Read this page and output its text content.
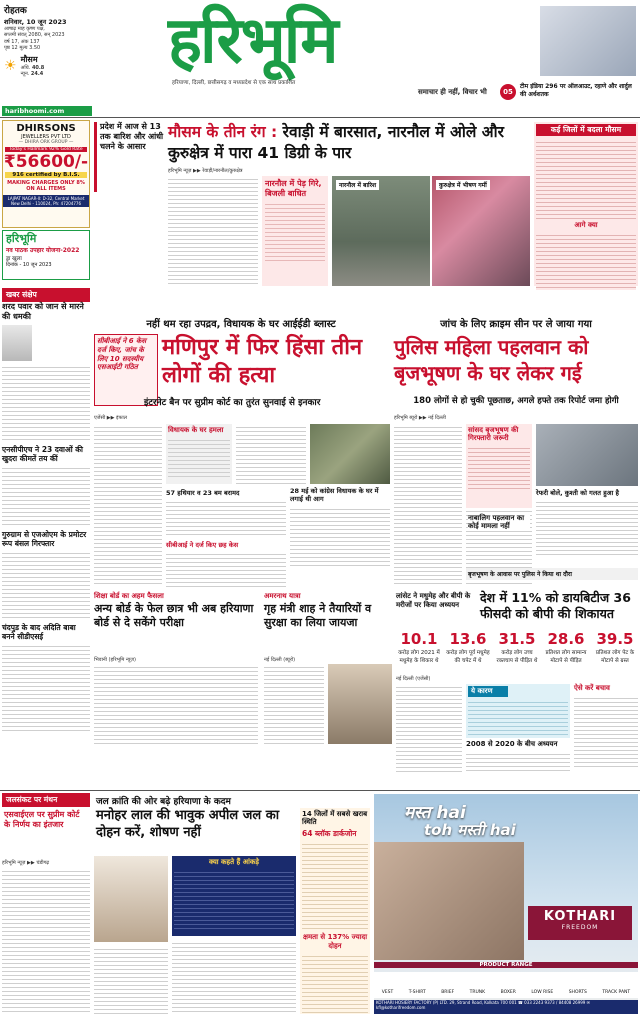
रोहतक
शनिवार, 10 जून 2023
आषाढ़ माह कृष्ण पक्ष,
सप्तमी संवत् 2080, सन् 2023
वर्ष 17, अंक 137
पृष्ठ 12 मूल्य 3.50
☀ मौसम
अधि. 40.8
न्यून. 24.4
haribhoomi.com
हरिभूमि
हरियाणा, दिल्ली, छत्तीसगढ़ व मध्यप्रदेश से एक साथ प्रकाशित
समाचार ही नहीं, विचार भी	05
टीम इंडिया 296 पर ऑलआउट, रहाणे और शार्दुल की अर्धशतक
DHIRSONS
JEWELLERS PVT LTD
— DHIRA ORK GROUP —
Today's Hallmark 92% Gold Rate
₹56600/-
916 certified by B.I.S.
MAKING CHARGES ONLY 8% ON ALL ITEMS
LAJPAT NAGAR-II: D-32, Central Market New Delhi - 110024, Ph: 47204776
हरिभूमि
नव पाठक उपहार योजना-2022
ड्रा खुला
दिनांक - 10 जून 2023
प्रदेश में आज से 13 तक बारिश और आंधी चलने के आसार
मौसम के तीन रंग : रेवाड़ी में बारसात, नारनौल में ओले और कुरुक्षेत्र में पारा 41 डिग्री के पार
हरिभूमि न्यूज़ ▶▶ रेवाड़ी/नारनौल/कुरुक्षेत्र
नारनौल में पेड़ गिरे, बिजली बाधित
नारनौल में बारिश	कुरुक्षेत्र में भीषण गर्मी
कई जिलों में बदला मौसम
आगे क्या
खबर संक्षेप
शरद पवार को जान से मारने की धमकी
एनसीपीएच ने 23 दवाओं की खुदरा कीमतें तय कीं
गुरुग्राम से एजओएम के प्रमोटर रूप बंसल गिरफ्तार
चंदपुड के बाद अदिति बाबा बनने सीडीएसई
नहीं थम रहा उपद्रव, विधायक के घर आईईडी ब्लास्ट
सीबीआई ने 6 केस दर्ज किए, जांच के लिए 10 सदस्यीय एसआईटी गठित
मणिपुर में फिर हिंसा तीन लोगों की हत्या
इंटरनेट बैन पर सुप्रीम कोर्ट का तुरंत सुनवाई से इनकार
एजेंसी ▶▶ इंफाल
विधायक के घर हमला
57 हथियार व 23 बम बरामद	28 मई को कांग्रेस विधायक के घर में लगाई थी आग
सीबीआई ने दर्ज किए छह केस
जांच के लिए क्राइम सीन पर ले जाया गया
पुलिस महिला पहलवान को बृजभूषण के घर लेकर गई
180 लोगों से हो चुकी पूछताछ, अगले हफ्ते तक रिपोर्ट जमा होगी
हरिभूमि ब्यूरो ▶▶ नई दिल्ली
सांसद बृजभूषण की गिरफ्तारी जरूरी
नाबालिग पहलवान का कोई मामला नहीं
रेफरी बोले, कुश्ती को गलत हुआ है
बृजभूषण के आवास पर पुलिस ने किया था दौरा
शिक्षा बोर्ड का अहम फैसला
अन्य बोर्ड के फेल छात्र भी अब हरियाणा बोर्ड से दे सकेंगे परीक्षा
भिवानी (हरिभूमि न्यूज़)
अमरनाथ यात्रा
गृह मंत्री शाह ने तैयारियों व सुरक्षा का लिया जायजा
नई दिल्ली (ब्यूरो)
लांसेट ने मधुमेह और बीपी के मरीजों पर किया अध्ययन	देश में 11% को डायबिटीज 36 फीसदी को बीपी की शिकायत
10.1
करोड़ लोग 2021 में मधुमेह के शिकार थे
13.6
करोड़ लोग पूर्व मधुमेह की चपेट में थे
31.5
करोड़ लोग उच्च रक्तचाप से पीड़ित थे
28.6
प्रतिशत लोग सामान्य मोटापे से पीड़ित
39.5
प्रतिशत लोग पेट के मोटापे से ग्रस्त
नई दिल्ली (एजेंसी)
ये कारण	ऐसे करें बचाव
2008 से 2020 के बीच अध्ययन
जलसंकट पर मंथन	जल क्रांति की ओर बढ़े हरियाणा के कदम
एसवाईएल पर सुप्रीम कोर्ट के निर्णय का इंतजार
मनोहर लाल की भावुक अपील जल का दोहन करें, शोषण नहीं
हरिभूमि न्यूज़ ▶▶ चंडीगढ़	क्या कहते हैं आंकड़े
14 जिलों में सबसे खराब स्थिति
64 ब्लॉक डार्कजोन
क्षमता से 137% ज्यादा दोहन
मस्त hai
toh मस्ती hai
KOTHARI
FREEDOM
PRODUCT RANGE
VEST	T-SHIRT	BRIEF	TRUNK	BOXER	LOW RISE	SHORTS	TRACK PANT
KOTHARI HOSIERY FACTORY (P) LTD. 29, Strand Road, Kolkata 700 001 ☎ 033 2243 9373 / 84408 26999 ✉ kfl@kotharifreedom.com
